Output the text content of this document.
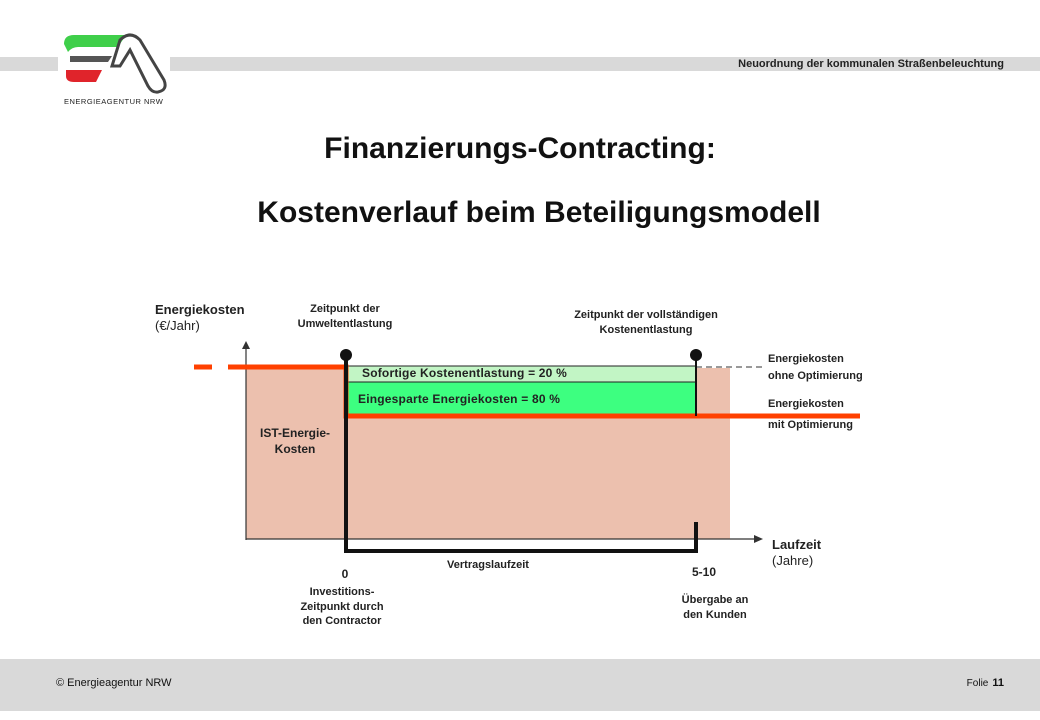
ENERGIEAGENTUR NRW
Neuordnung der kommunalen Straßenbeleuchtung
Finanzierungs-Contracting:
Kostenverlauf beim Beteiligungsmodell
Energiekosten
(€/Jahr)
Laufzeit
(Jahre)
Zeitpunkt der
Umweltentlastung
Zeitpunkt der vollständigen
Kostenentlastung
Energiekosten
ohne Optimierung
Energiekosten
mit Optimierung
Sofortige Kostenentlastung = 20 %
Eingesparte Energiekosten = 80 %
IST-Energie-
Kosten
Vertragslaufzeit
0	5-10
Investitions-
Zeitpunkt durch
den Contractor
Übergabe an
den Kunden
© Energieagentur NRW	Folie 11
